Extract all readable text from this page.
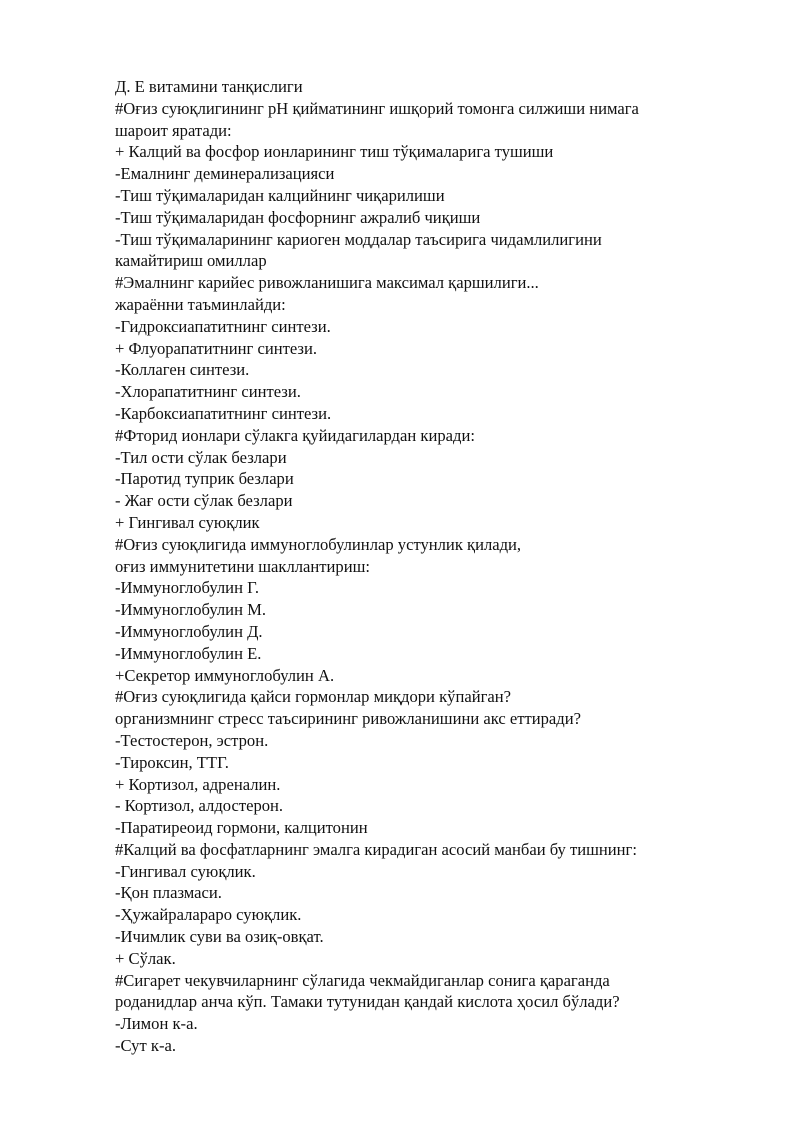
Д. Е витамини танқислиги

#Оғиз суюқлигининг pH қийматининг ишқорий томонга силжиши нимага

шароит яратади:

+ Калций ва фосфор ионларининг тиш тўқималарига тушиши

-Емалнинг деминерализацияси

-Тиш тўқималаридан калцийнинг чиқарилиши

-Тиш тўқималаридан фосфорнинг ажралиб чиқиши

-Тиш тўқималарининг кариоген моддалар таъсирига чидамлилигини

камайтириш омиллар

#Эмалнинг карийес ривожланишига максимал қаршилиги...

жараённи таъминлайди:

-Гидроксиапатитнинг синтези.

+ Флуорапатитнинг синтези.

-Коллаген синтези.

-Хлорапатитнинг синтези.

-Карбоксиапатитнинг синтези.

#Фторид ионлари сўлакга қуйидагилардан киради:

-Тил ости сўлак безлари

-Паротид туприк безлари

- Жағ ости сўлак безлари

+ Гингивал суюқлик

#Оғиз суюқлигида иммуноглобулинлар устунлик қилади,

оғиз иммунитетини шакллантириш:

-Иммуноглобулин Г.

-Иммуноглобулин М.

-Иммуноглобулин Д.

-Иммуноглобулин Е.

+Секретор иммуноглобулин А.

#Оғиз суюқлигида қайси гормонлар миқдори кўпайган?

организмнинг стресс таъсирининг ривожланишини акс еттиради?

-Тестостерон, эстрон.

-Тироксин, ТТГ.

+ Кортизол, адреналин.

- Кортизол, алдостерон.

-Паратиреоид гормони, калцитонин

#Калций ва фосфатларнинг эмалга кирадиган асосий манбаи бу тишнинг:

-Гингивал суюқлик.

-Қон плазмаси.

-Ҳужайралараро суюқлик.

-Ичимлик суви ва озиқ-овқат.

+ Сўлак.

#Сигарет чекувчиларнинг сўлагида чекмайдиганлар сонига қараганда

роданидлар анча кўп. Тамаки тутунидан қандай кислота ҳосил бўлади?

-Лимон к-а.

-Сут к-а.
